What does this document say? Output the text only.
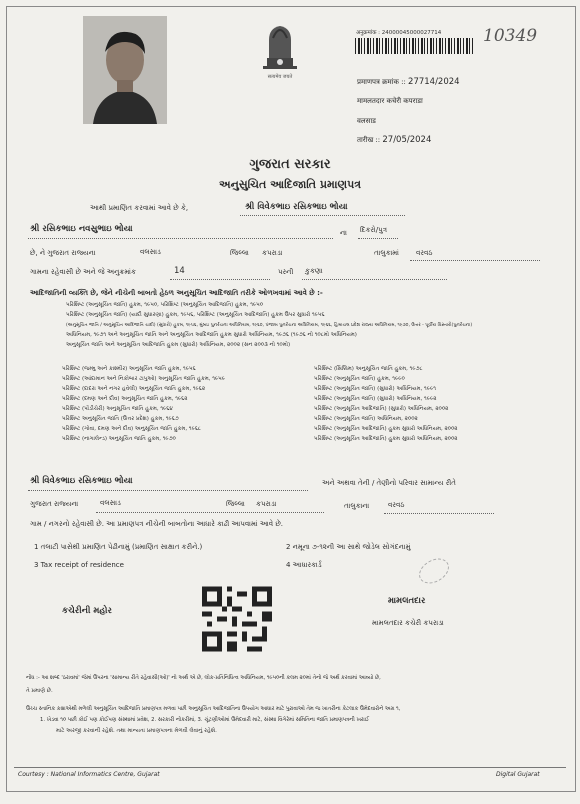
सत्यमेव जयते
अनुक्रमांक : 24000045000027714 10349
प्रमाणपत्र क्रमांक :: 27714/2024
मामलतदार कचेरी कपराडा
वलसाड
तारीख :: 27/05/2024
ગુજરાત સરકાર
અનુસુચિત આદિજાતિ પ્રમાણપત્ર
આથી પ્રમાણિત કરવામાં આવે છે કે,	શ્રી વિવેકભાઇ રસિકભાઇ ભોયા
શ્રી રસિકભાઇ નવસુભાઇ ભોયા	ના દિકરો/પુત્ર
છે, ને ગુજરાત રાજ્યના	વલસાડ	જિલ્લા કપરાડા	તાલુકામાં વરવઠ
ગામના રહેવાસી છે અને જે અનુક્રમાંક	14	પરની કુકણા
આદિજાતિની વ્યક્તિ છે, જેને નીચેની બાબતો હેઠળ અનુસૂચિત આદિજાતિ તરીકે ઓળખવામાં આવે છે :-
પરિશિષ્ટ (અનુસૂચિત જાતિ) હુકમ, ૧૯૫૦, પરિશિષ્ટ (અનુસૂચિત આદિજાતિ) હુકમ, ૧૯૫૦
પરિશિષ્ટ (અનુસૂચિત જાતિ) (યાદી સુધારણા) હુકમ, ૧૯૫૬, પરિશિષ્ટ (અનુસૂચિત આદિજાતિ) હુકમ ઉપર સુધારો ૧૯૫૬
(અનુસૂચિત જાતિ / અનુસૂચિત આદિજાતિ ચાદી) (સુધારો) હુકમ, ૧૯૫૬, મુંબઇ પુનર્રચના અધિનિયમ, ૧૯૬૦, પંજાબ પુનર્રચના અધિનિયમ, ૧૯૬૬, હિમાચલ પ્રદેશ રાજ્ય અધિનિયમ, ૧૯૭૦, ઉત્તર - પૂર્વીય વિસ્તારો(પુનર્રચના)
અધિનિયમ, ૧૯૭૧ અને અનુસૂચિત જાતિ અને અનુસૂચિત આદિજાતિ હુકમ સુધારો અધિનિયમ, ૧૯૭૬ (૧૯૭૬ નો ૧૦૮મો અધિનિયમ)
અનુસૂચિત જાતિ અને અનુસૂચિત આદિજાતિ હુકમ (સુધારો) અધિનિયમ, ૨૦૦૨ (સન ૨૦૦૩ નો ૧૦મો)
પરિશિષ્ટ (જમ્મુ અને કાશ્મીર) અનુસૂચિત જાતિ હુકમ, ૧૯૫૬
પરિશિષ્ટ (આંદામાન અને નિકોબાર ટાપુઓ) અનુસૂચિત જાતિ હુકમ, ૧૯૫૯
પરિશિષ્ટ (દાદરા અને નગર હવેલી) અનુસૂચિત જાતિ હુકમ, ૧૯૬૨
પરિશિષ્ટ (દમણ અને દીવ) અનુસૂચિત જાતિ હુકમ, ૧૯૬૨
પરિશિષ્ટ (પોંડીચેરી) અનુસૂચિત જાતિ હુકમ, ૧૯૬૪
પરિશિષ્ટ અનુસૂચિત જાતિ (ઉત્તર પ્રદેશ) હુકમ, ૧૯૬૭
પરિશિષ્ટ (ગોવા, દમણ અને દીવ) અનુસૂચિત જાતિ હુકમ, ૧૯૬૮
પરિશિષ્ટ (નાગાલેન્ડ) અનુસૂચિત જાતિ હુકમ, ૧૯૭૦
પરિશિષ્ટ (સિક્કિમ) અનુસૂચિત જાતિ હુકમ, ૧૯૭૮
પરિશિષ્ટ (અનુસૂચિત જાતિ) હુકમ, ૧૯૯૦
પરિશિષ્ટ (અનુસૂચિત જાતિ) (સુધારો) અધિનિયમ, ૧૯૯૧
પરિશિષ્ટ (અનુસૂચિત જાતિ) (સુધારો) અધિનિયમ, ૧૯૯૨
પરિશિષ્ટ (અનુસૂચિત આદિજાતિ) (સુધારો) અધિનિયમ, ૨૦૦૨
પરિશિષ્ટ (અનુસૂચિત જાતિ) અધિનિયમ, ૨૦૦૨
પરિશિષ્ટ (અનુસૂચિત આદિજાતિ) હુકમ સુધારો અધિનિયમ, ૨૦૦૨
પરિશિષ્ટ (અનુસૂચિત આદિજાતિ) હુકમ સુધારો અધિનિયમ, ૨૦૦૨
શ્રી વિવેકભાઇ રસિકભાઇ ભોયા	અને અથવા તેની / તેણીનો પરિવાર સામાન્ય રીતે
ગુજરાત રાજ્યના	વલસાડ	જિલ્લા કપરાડા	તાલુકાના	વરવઠ
ગામ / નગરનો રહેવાસી છે. આ પ્રમાણપત્ર નીચેની બાબતોના આધારે કાઢી આપવામાં આવે છે.
1 તલાટી પાસેથી પ્રમાણિત પેઢીનામું (પ્રમાણિત સાક્ષાત કરીને.)	2 નમૂના ૭-૧૨ની આ સાથે જોડેલ સોગંદનામું
3 Tax receipt of residence	4 આધારકાર્ડ
કચેરીની મહોર
મામલતદાર
મામલતદાર કચેરી કપરાડા
નોંધ :- આ શબ્દ 'ઠરાવમાં' જેમાં ઉપરના 'સામાન્ય રીતે રહેવાસી(ઓ)' નો અર્થ એ છે, લોક-પ્રતિનિધિત્વ અધિનિયમ, ૧૯૫૦ની કલમ ૨૦માં તેનો જે અર્થ કરવામાં આવ્યો છે,
તે પ્રમાણે છે.
ઉચ્ચ સ્તાનિક કક્ષાએથી મળેલી અનુસૂચિત આદિજાતિ પ્રમાણપત્ર મળવા પછી અનુસૂચિત આદિજાતિના ઉપયોગ આધાર માટે પુરાવાઓ તેમ જ ખાતરીના કેટલાક ઉમેદવારોને અગ્ર ૧,
1. ખેડવા ૧૦ પછી કોઈ પણ કોઈપણ સંસ્થામાં પ્રવેશ, 2. સરકારી નોકરીમાં, 3. ચૂંટણીઓમાં ઉમેદવારી માટે, સંસ્થા વિગેરેમાં સમિતિના જાતિ પ્રમાણપત્રની ખરાઈ
માટે અરજી કરવાની રહેશે. તથા માન્યતા પ્રમાણપત્રના મેળવી લેવાનું રહેશે.
Courtesy : National Informatics Centre, Gujarat	Digital Gujarat
